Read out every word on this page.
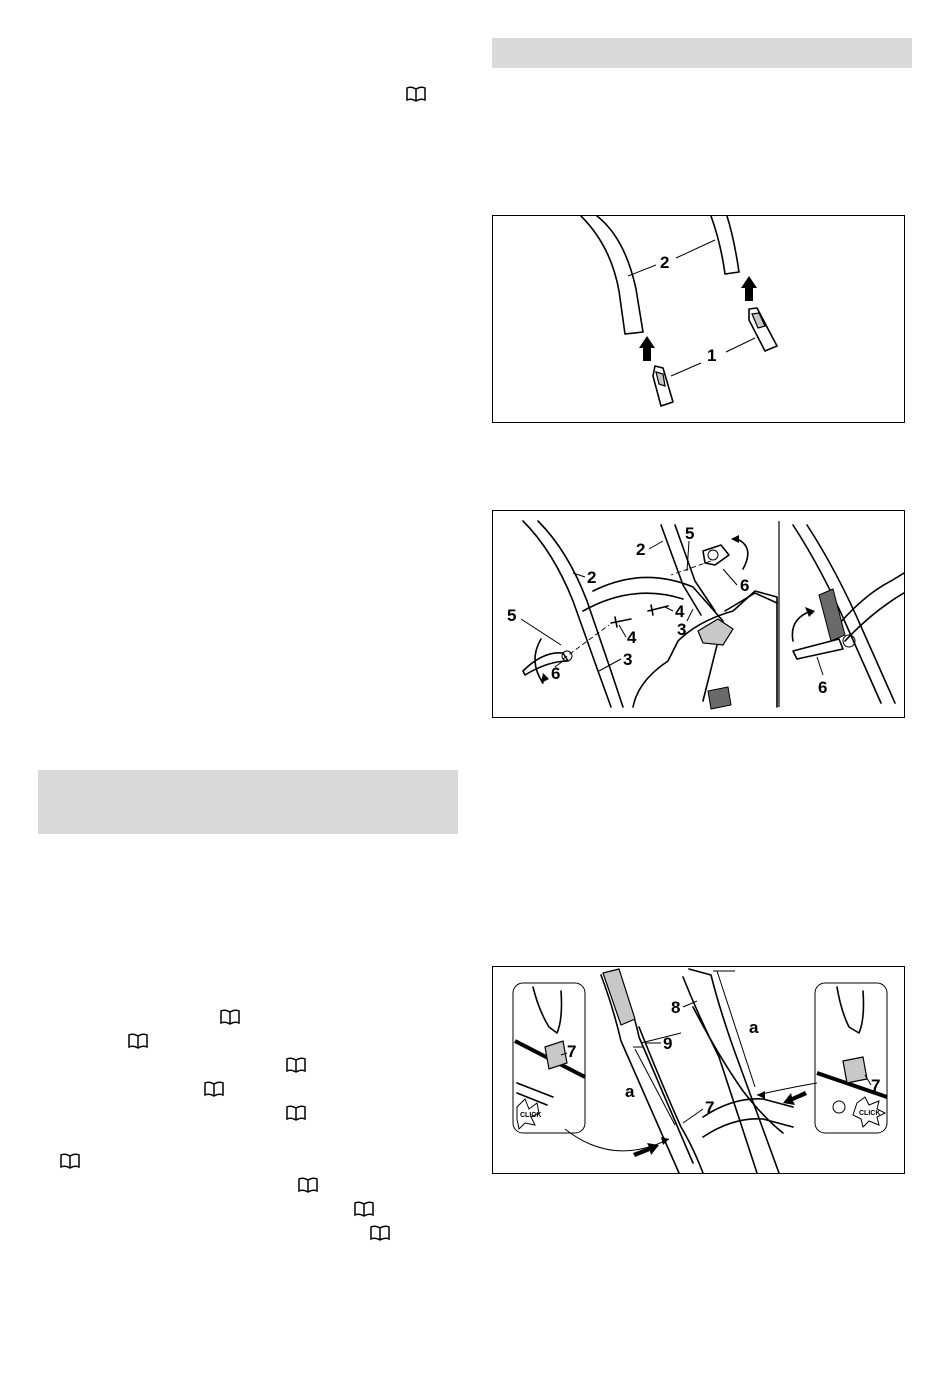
2
1
2
5
2	6
5	4
4 3
6
3
6
CLICK
7
a
a
8
9
7	CLICK
7
